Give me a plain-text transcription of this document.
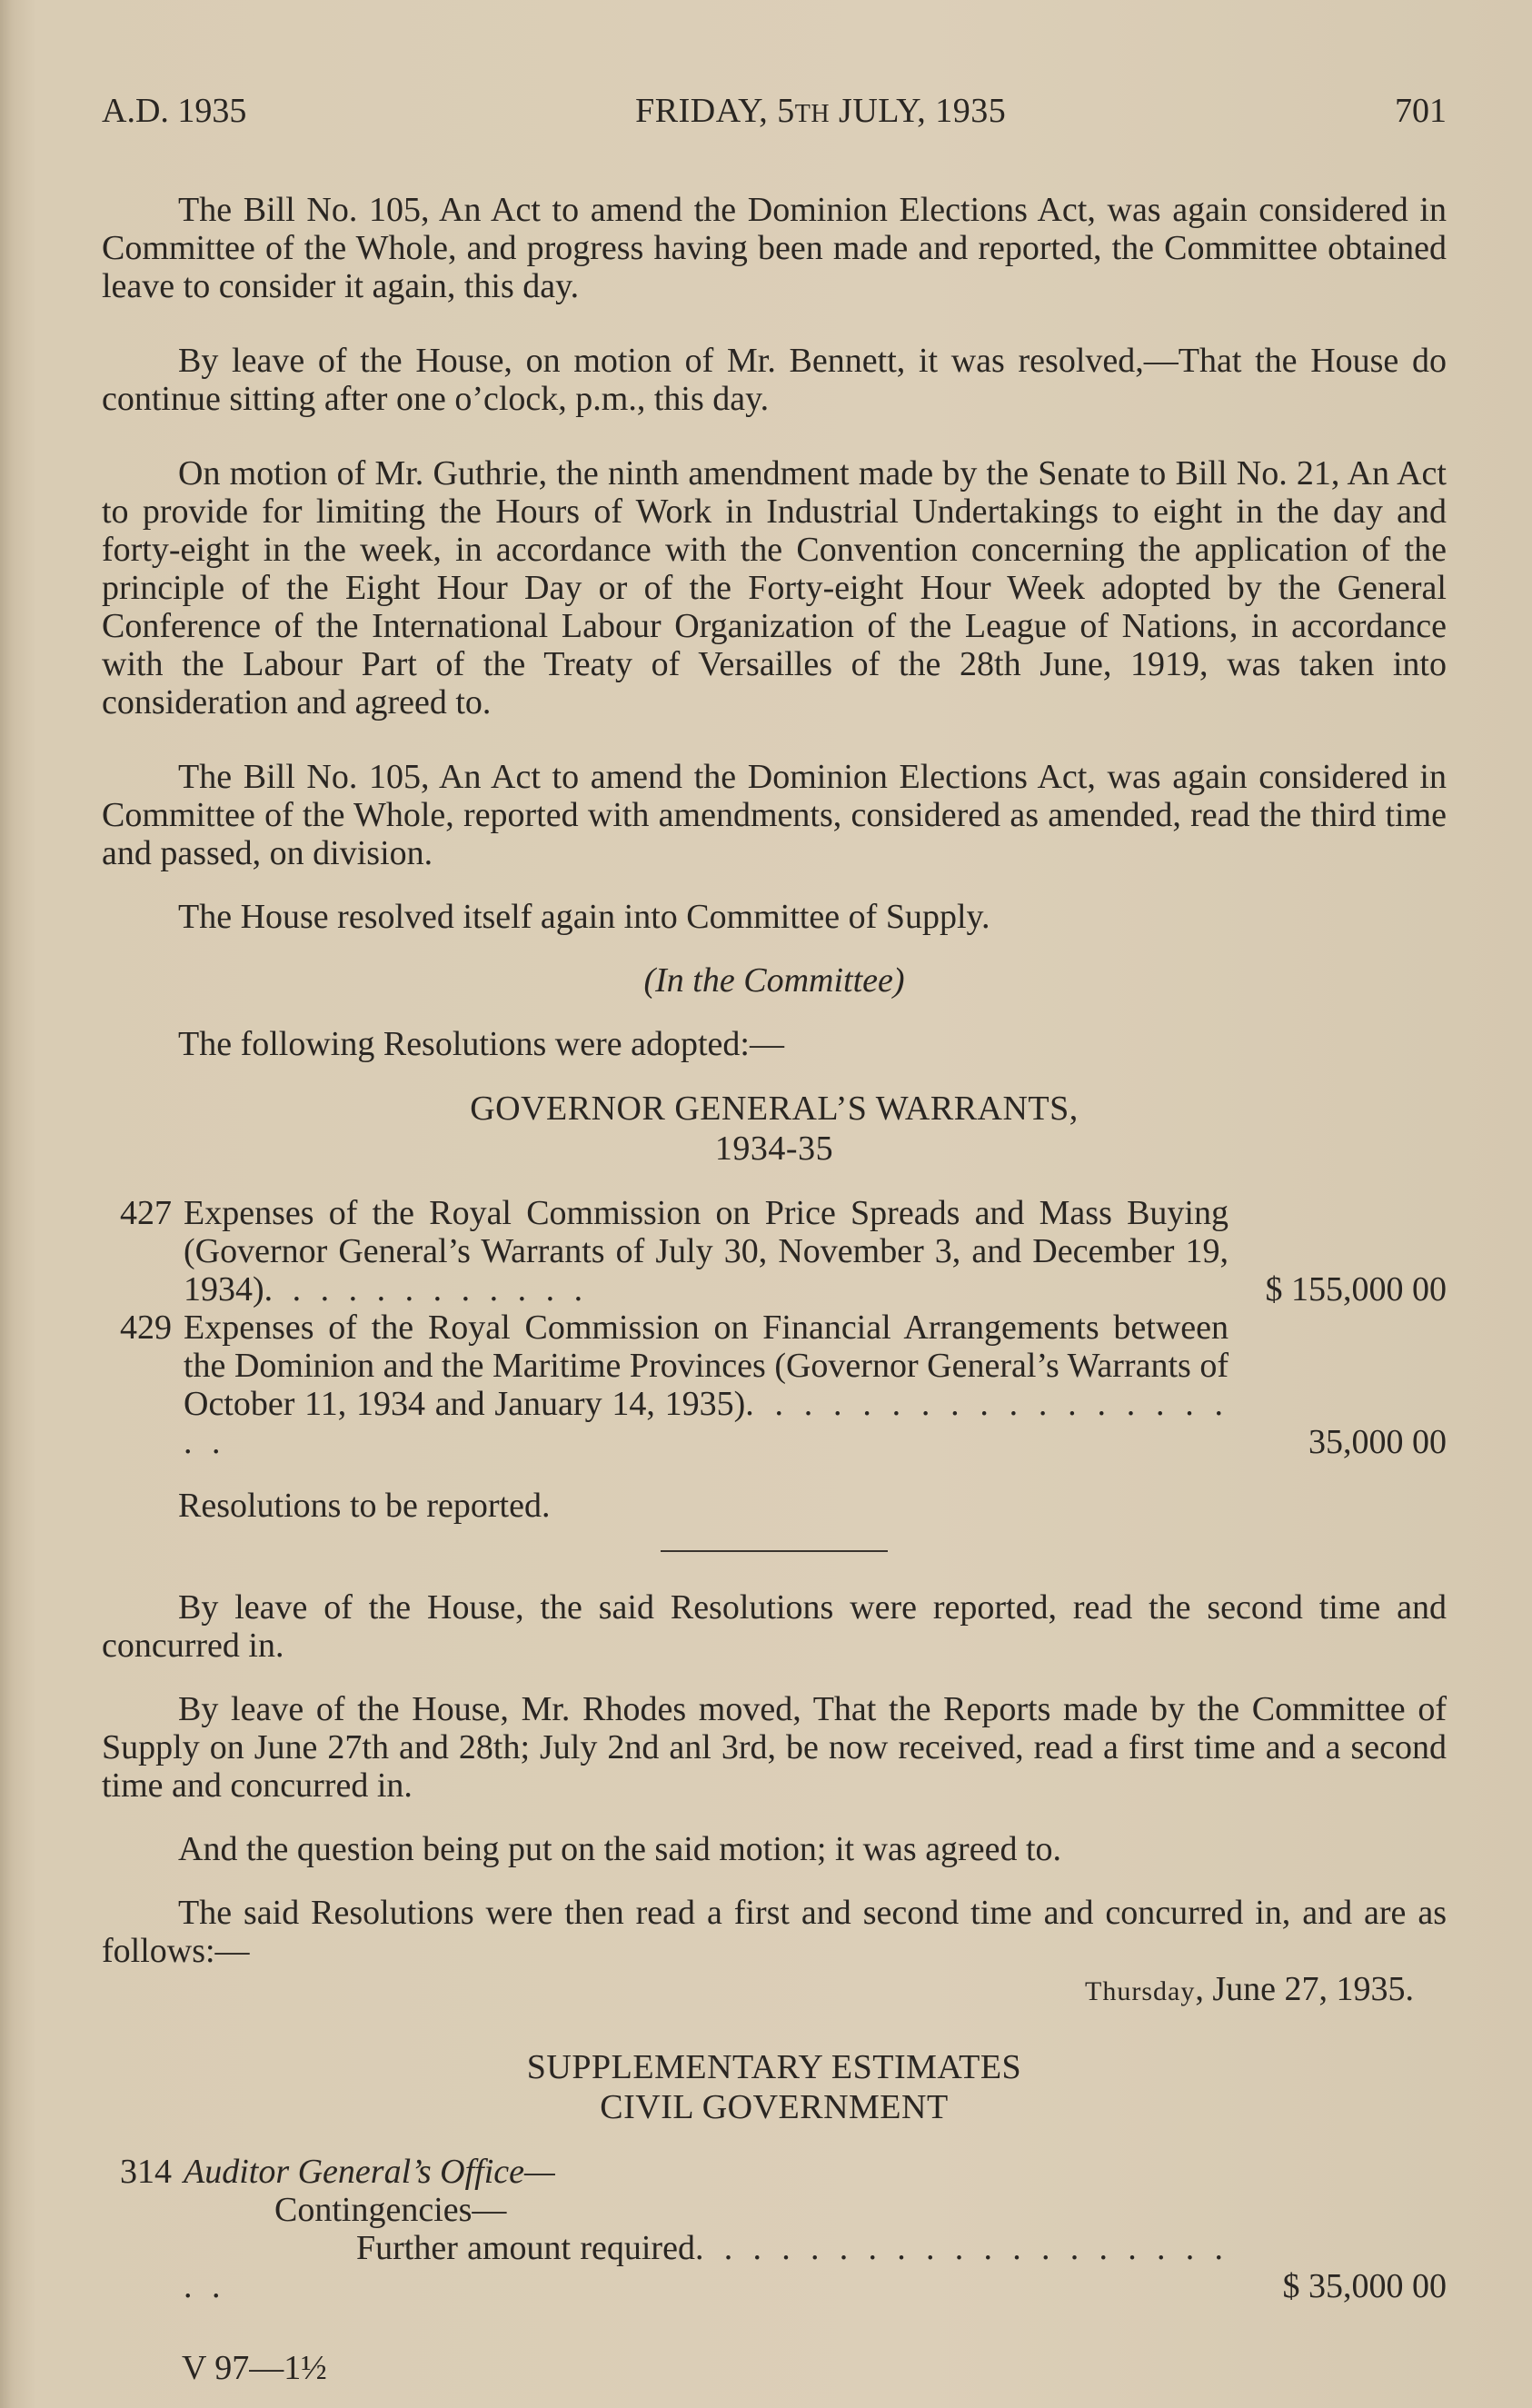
A.D. 1935	FRIDAY, 5TH JULY, 1935	701

The Bill No. 105, An Act to amend the Dominion Elections Act, was again considered in Committee of the Whole, and progress having been made and reported, the Committee obtained leave to consider it again, this day.

By leave of the House, on motion of Mr. Bennett, it was resolved,—That the House do continue sitting after one o’clock, p.m., this day.

On motion of Mr. Guthrie, the ninth amendment made by the Senate to Bill No. 21, An Act to provide for limiting the Hours of Work in Industrial Undertakings to eight in the day and forty-eight in the week, in accordance with the Convention concerning the application of the principle of the Eight Hour Day or of the Forty-eight Hour Week adopted by the General Conference of the International Labour Organization of the League of Nations, in accordance with the Labour Part of the Treaty of Versailles of the 28th June, 1919, was taken into consideration and agreed to.

The Bill No. 105, An Act to amend the Dominion Elections Act, was again considered in Committee of the Whole, reported with amendments, considered as amended, read the third time and passed, on division.

The House resolved itself again into Committee of Supply.

(In the Committee)

The following Resolutions were adopted:—

GOVERNOR GENERAL’S WARRANTS,
1934-35
427 Expenses of the Royal Commission on Price Spreads and Mass Buying (Governor General’s Warrants of July 30, November 3, and December 19, 1934). . . . . . . . . . . .	$ 155,000 00
429 Expenses of the Royal Commission on Financial Arrangements between the Dominion and the Maritime Provinces (Governor General’s Warrants of October 11, 1934 and January 14, 1935). . . . . . . . . . . . . . . . . . .	35,000 00

Resolutions to be reported.

By leave of the House, the said Resolutions were reported, read the second time and concurred in.

By leave of the House, Mr. Rhodes moved, That the Reports made by the Committee of Supply on June 27th and 28th; July 2nd anl 3rd, be now received, read a first time and a second time and concurred in.

And the question being put on the said motion; it was agreed to.

The said Resolutions were then read a first and second time and concurred in, and are as follows:—

Thursday, June 27, 1935.
SUPPLEMENTARY ESTIMATES
CIVIL GOVERNMENT
314 Auditor General’s Office—
Contingencies—
Further amount required. . . . . . . . . . . . . . . . . . . . .	$ 35,000 00
V 97—1½
